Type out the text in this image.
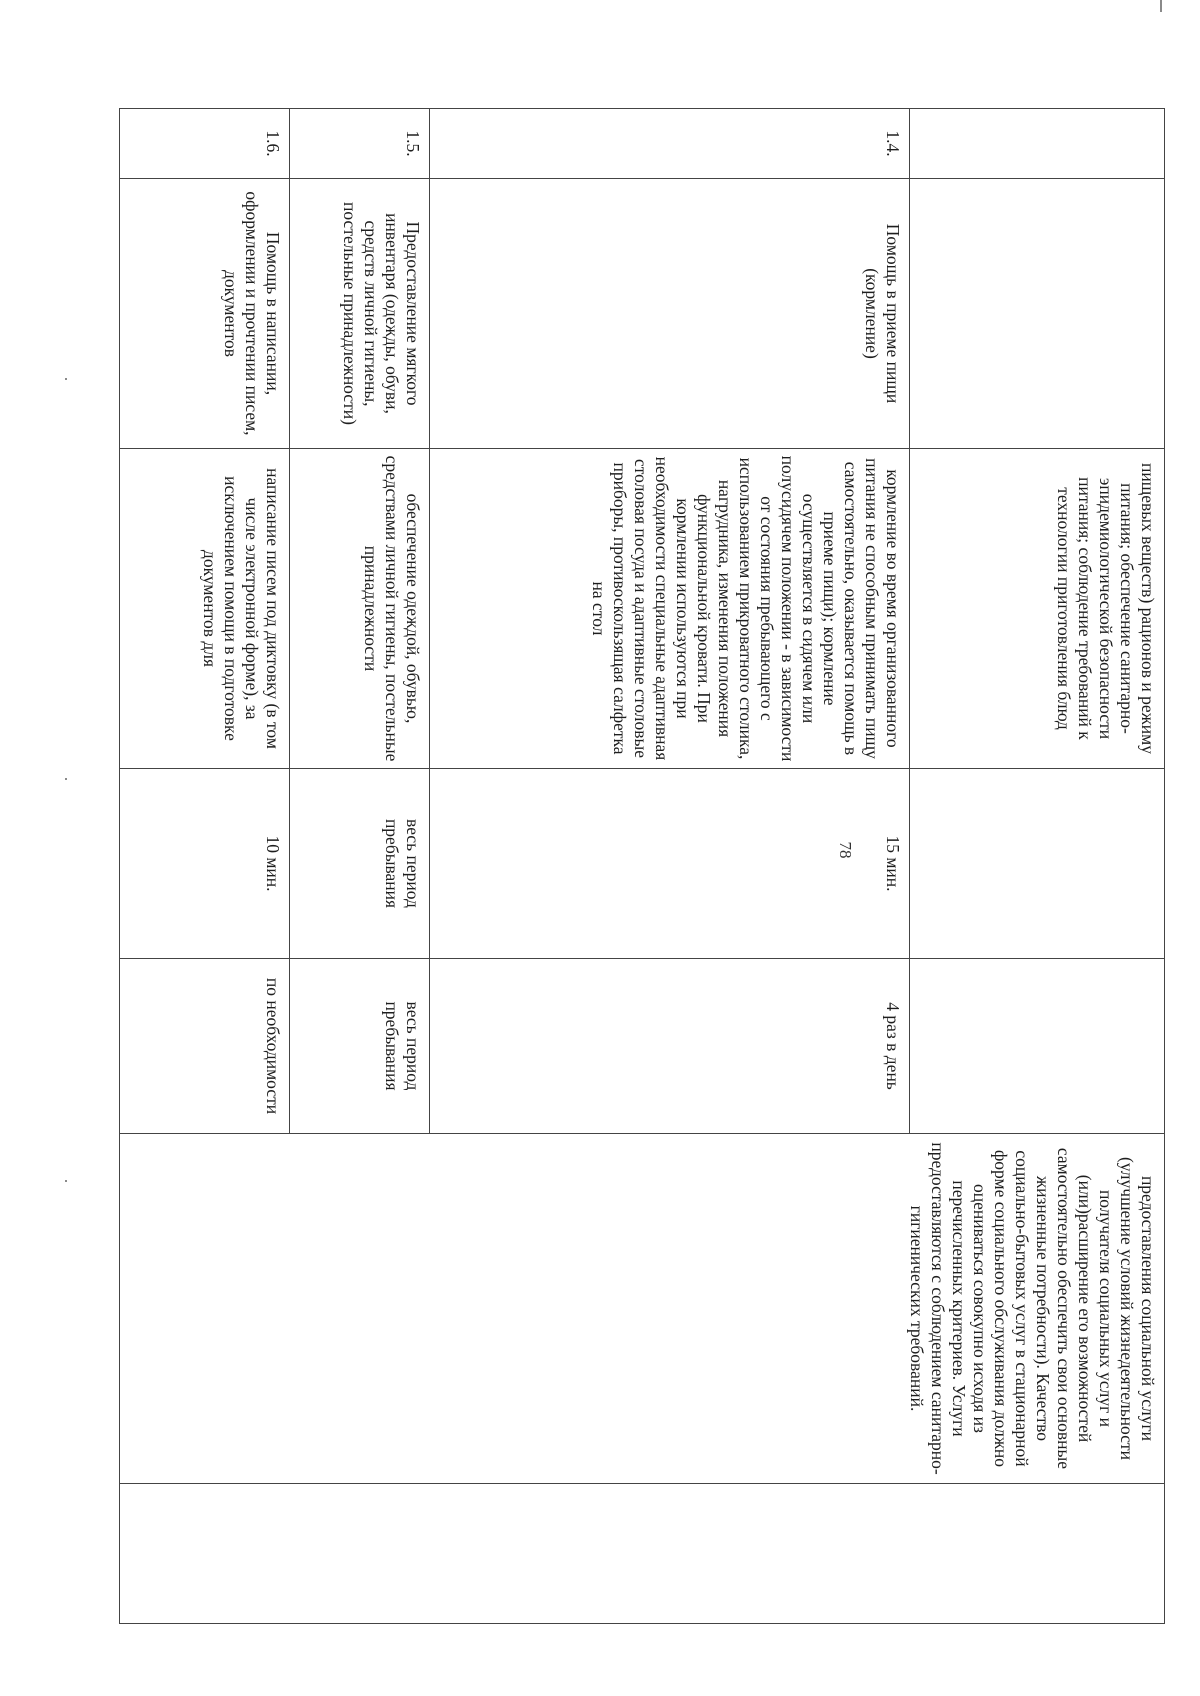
78
		пищевых веществ) рационов и режиму питания; обеспечение санитарно-эпидемиологической безопасности питания; соблюдение требований к технологии приготовления блюд			предоставления социальной услуги (улучшение условий жизнедеятельности получателя социальных услуг и (или)расширение его возможностей самостоятельно обеспечить свои основные жизненные потребности). Качество социально-бытовых услуг в стационарной форме социального обслуживания должно оцениваться совокупно исходя из перечисленных критериев. Услуги предоставляются с соблюдением санитарно-гигиенических требований.	
1.4.	Помощь в приеме пищи (кормление)	кормление во время организованного питания не способным принимать пищу самостоятельно, оказывается помощь в приеме пищи); кормление осуществляется в сидячем или полусидячем положении - в зависимости от состояния пребывающего с использованием прикроватного столика, нагрудника, изменения положения функциональной кровати. При кормлении используются при необходимости специальные адаптивная столовая посуда и адаптивные столовые приборы, противоскользящая салфетка на стол	15 мин.	4 раз в день		
1.5.	Предоставление мягкого инвентаря (одежды, обуви, средств личной гигиены, постельные принадлежности)	обеспечение одеждой, обувью, средствами личной гигиены, постельные принадлежности	весь период пребывания	весь период пребывания		
1.6.	Помощь в написании, оформлении и прочтении писем, документов	написание писем под диктовку (в том числе электронной форме), за исключением помощи в подготовке документов для	10 мин.	по необходимости		
